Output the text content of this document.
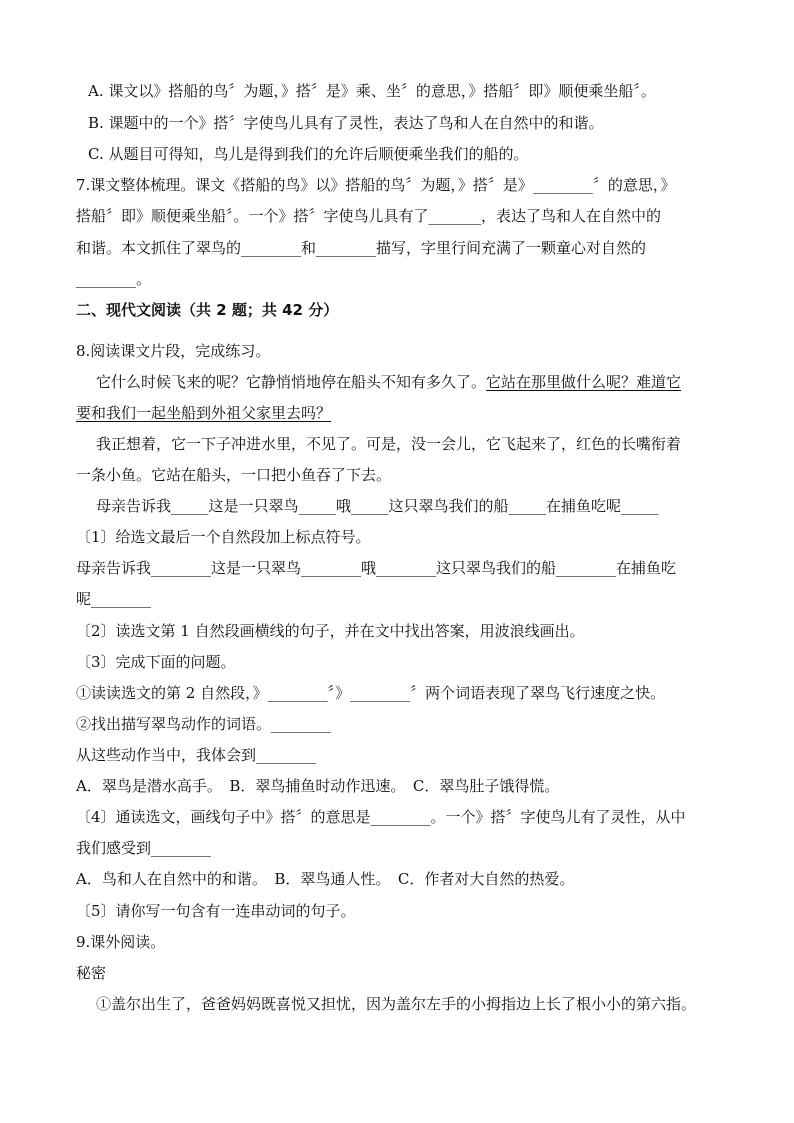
A. 课文以》搭船的鸟〞为题，》搭〞是》乘、坐〞的意思，》搭船〞即》顺便乘坐船〞。
B. 课题中的一个》搭〞字使鸟儿具有了灵性，表达了鸟和人在自然中的和谐。
C. 从题目可得知，鸟儿是得到我们的允许后顺便乘坐我们的船的。
7.课文整体梳理。课文《搭船的鸟》以》搭船的鸟〞为题，》搭〞是》________〞的意思，》
搭船〞即》顺便乘坐船〞。一个》搭〞字使鸟儿具有了_______，表达了鸟和人在自然中的
和谐。本文抓住了翠鸟的________和________描写，字里行间充满了一颗童心对自然的
________。
二、现代文阅读（共 2 题；共 42 分）
8.阅读课文片段，完成练习。
它什么时候飞来的呢？它静悄悄地停在船头不知有多久了。它站在那里做什么呢？难道它
要和我们一起坐船到外祖父家里去吗？
我正想着，它一下子冲进水里，不见了。可是，没一会儿，它飞起来了，红色的长嘴衔着
一条小鱼。它站在船头，一口把小鱼吞了下去。
母亲告诉我_____这是一只翠鸟_____哦_____这只翠鸟我们的船_____在捕鱼吃呢_____
〔1〕给选文最后一个自然段加上标点符号。
母亲告诉我________这是一只翠鸟________哦________这只翠鸟我们的船________在捕鱼吃
呢________
〔2〕读选文第 1 自然段画横线的句子，并在文中找出答案，用波浪线画出。
〔3〕完成下面的问题。
①读读选文的第 2 自然段，》________〞》________〞两个词语表现了翠鸟飞行速度之快。
②找出描写翠鸟动作的词语。________
从这些动作当中，我体会到________
A．翠鸟是潜水高手。　B．翠鸟捕鱼时动作迅速。　C．翠鸟肚子饿得慌。
〔4〕通读选文，画线句子中》搭〞的意思是________。一个》搭〞字使鸟儿有了灵性，从中
我们感受到________
A．鸟和人在自然中的和谐。　B．翠鸟通人性。　C．作者对大自然的热爱。
〔5〕请你写一句含有一连串动词的句子。
9.课外阅读。
秘密
①盖尔出生了，爸爸妈妈既喜悦又担忧，因为盖尔左手的小拇指边上长了根小小的第六指。
